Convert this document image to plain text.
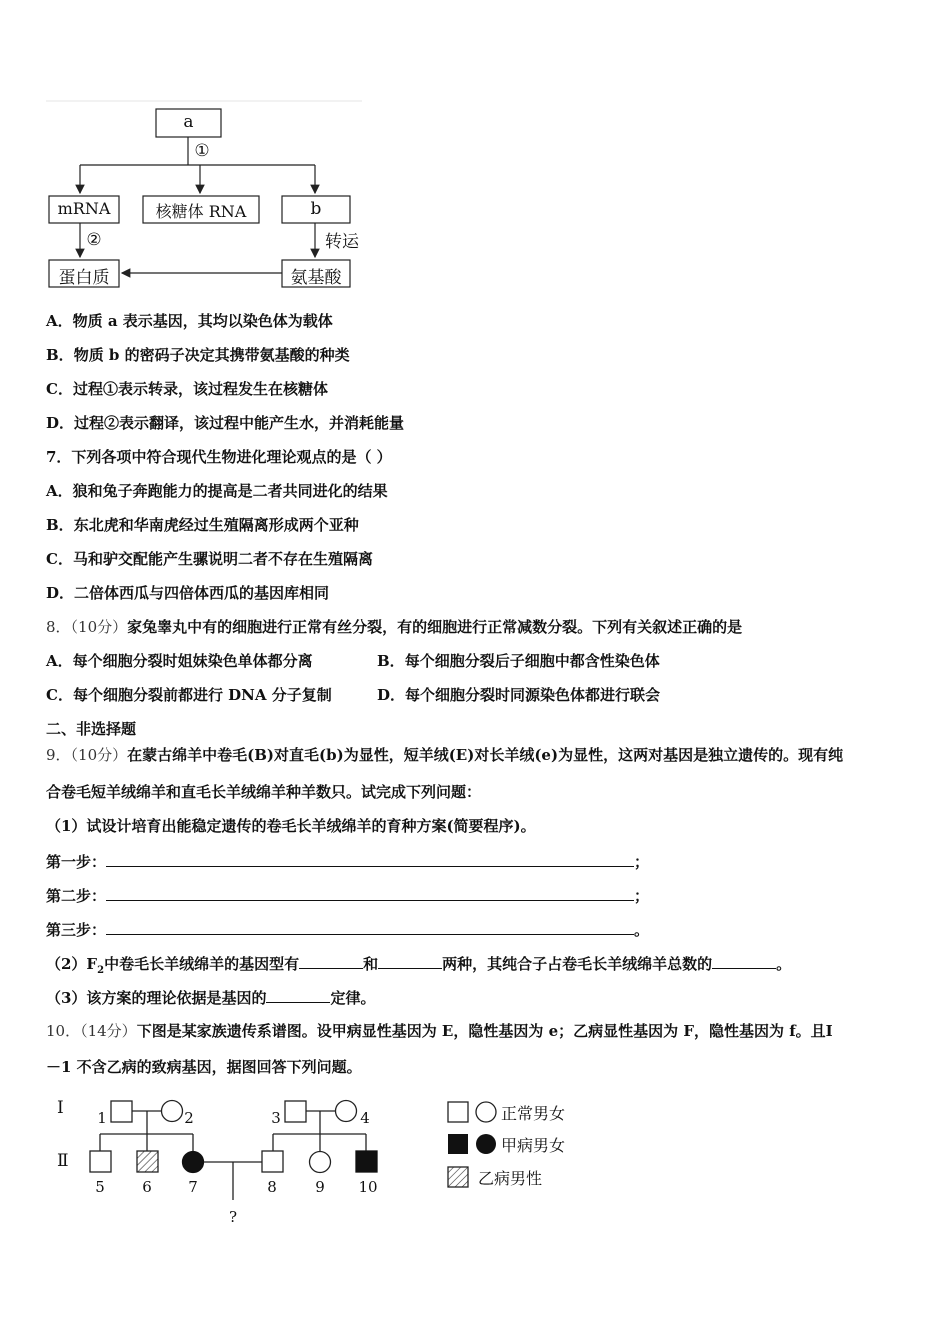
a
①
mRNA	核糖体 RNA	b
②	转运
蛋白质	氨基酸
A．物质 a 表示基因，其均以染色体为载体
B．物质 b 的密码子决定其携带氨基酸的种类
C．过程①表示转录，该过程发生在核糖体
D．过程②表示翻译，该过程中能产生水，并消耗能量
7．下列各项中符合现代生物进化理论观点的是（ ）
A．狼和兔子奔跑能力的提高是二者共同进化的结果
B．东北虎和华南虎经过生殖隔离形成两个亚种
C．马和驴交配能产生骡说明二者不存在生殖隔离
D．二倍体西瓜与四倍体西瓜的基因库相同
8．（10分）家兔睾丸中有的细胞进行正常有丝分裂，有的细胞进行正常减数分裂。下列有关叙述正确的是
A．每个细胞分裂时姐妹染色单体都分离	B．每个细胞分裂后子细胞中都含性染色体
C．每个细胞分裂前都进行 DNA 分子复制	D．每个细胞分裂时同源染色体都进行联会
二、非选择题
9．（10分）在蒙古绵羊中卷毛(B)对直毛(b)为显性，短羊绒(E)对长羊绒(e)为显性，这两对基因是独立遗传的。现有纯
合卷毛短羊绒绵羊和直毛长羊绒绵羊种羊数只。试完成下列问题：
（1）试设计培育出能稳定遗传的卷毛长羊绒绵羊的育种方案(简要程序)。
第一步：	；
第二步：	；
第三步：	。
$(2)F_2$中卷毛长羊绒绵羊的基因型有	和	两种，其纯合子占卷毛长羊绒绵羊总数的	。
（3）该方案的理论依据是基因的	定律。
10．（14分）下图是某家族遗传系谱图。设甲病显性基因为 E，隐性基因为 e；乙病显性基因为 F，隐性基因为 f。且Ⅰ
－1 不含乙病的致病基因，据图回答下列问题。
Ⅰ
Ⅱ
1	2	3	4
5	6	7	8	9	10
?
正常男女
甲病男女
乙病男性
